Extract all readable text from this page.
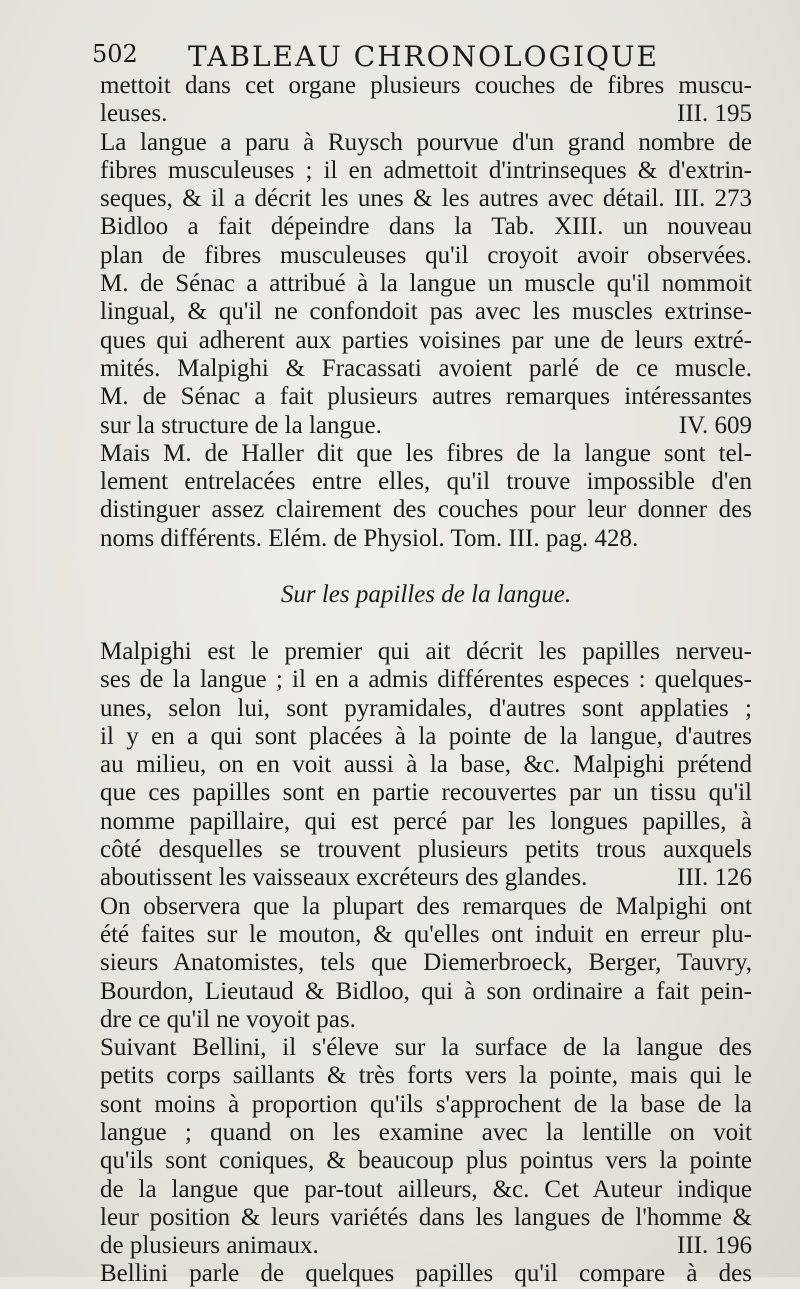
502 TABLEAU CHRONOLOGIQUE
mettoit dans cet organe plusieurs couches de fibres muscu-
leuses.	III. 195
La langue a paru à Ruysch pourvue d'un grand nombre de
fibres musculeuses ; il en admettoit d'intrinseques & d'extrin-
seques, & il a décrit les unes & les autres avec détail. III. 273
Bidloo a fait dépeindre dans la Tab. XIII. un nouveau
plan de fibres musculeuses qu'il croyoit avoir observées.
M. de Sénac a attribué à la langue un muscle qu'il nommoit
lingual, & qu'il ne confondoit pas avec les muscles extrinse-
ques qui adherent aux parties voisines par une de leurs extré-
mités. Malpighi & Fracassati avoient parlé de ce muscle.
M. de Sénac a fait plusieurs autres remarques intéressantes
sur la structure de la langue.	IV. 609
Mais M. de Haller dit que les fibres de la langue sont tel-
lement entrelacées entre elles, qu'il trouve impossible d'en
distinguer assez clairement des couches pour leur donner des
noms différents. Elém. de Physiol. Tom. III. pag. 428.
Sur les papilles de la langue.
Malpighi est le premier qui ait décrit les papilles nerveu-
ses de la langue ; il en a admis différentes especes : quelques-
unes, selon lui, sont pyramidales, d'autres sont applaties ;
il y en a qui sont placées à la pointe de la langue, d'autres
au milieu, on en voit aussi à la base, &c. Malpighi prétend
que ces papilles sont en partie recouvertes par un tissu qu'il
nomme papillaire, qui est percé par les longues papilles, à
côté desquelles se trouvent plusieurs petits trous auxquels
aboutissent les vaisseaux excréteurs des glandes.	III. 126
On observera que la plupart des remarques de Malpighi ont
été faites sur le mouton, & qu'elles ont induit en erreur plu-
sieurs Anatomistes, tels que Diemerbroeck, Berger, Tauvry,
Bourdon, Lieutaud & Bidloo, qui à son ordinaire a fait pein-
dre ce qu'il ne voyoit pas.
Suivant Bellini, il s'éleve sur la surface de la langue des
petits corps saillants & très forts vers la pointe, mais qui le
sont moins à proportion qu'ils s'approchent de la base de la
langue ; quand on les examine avec la lentille on voit
qu'ils sont coniques, & beaucoup plus pointus vers la pointe
de la langue que par-tout ailleurs, &c. Cet Auteur indique
leur position & leurs variétés dans les langues de l'homme &
de plusieurs animaux.	III. 196
Bellini parle de quelques papilles qu'il compare à des
